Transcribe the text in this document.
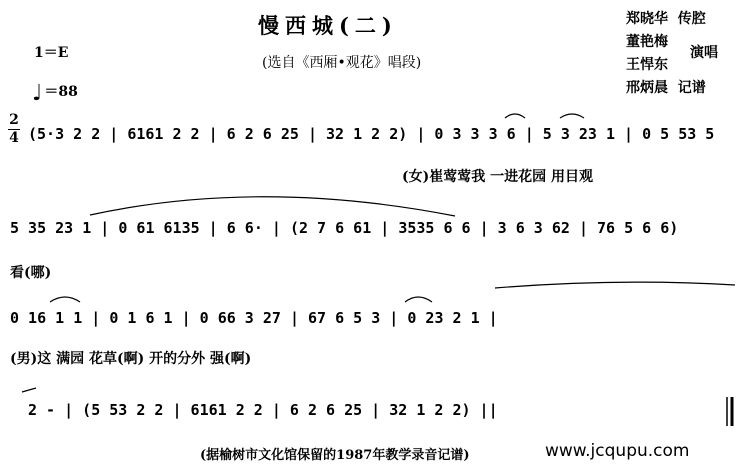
慢西城(二)
(选自《西厢•观花》唱段)
郑晓华 传腔
董艳梅
王悍东
邢炳晨 记谱
演唱
1＝E
♩ ＝88
2
4 (5·3 2 2 | 6161 2 2 | 6 2 6 25 | 32 1 2 2) | 0 3 3 3 6 | 5 3 23 1 | 0 5 53 5
(女)崔莺莺我 一进花园 用目观
5 35 23 1 | 0 61 6135 | 6 6· | (2 7 6 61 | 3535 6 6 | 3 6 3 62 | 76 5 6 6)
看(哪)
0 16 1 1 | 0 1 6 1 | 0 66 3 27 | 67 6 5 3 | 0 23 2 1 |
(男)这 满园 花草(啊) 开的分外 强(啊)
2 - | (5 53 2 2 | 6161 2 2 | 6 2 6 25 | 32 1 2 2) ||
(据榆树市文化馆保留的1987年教学录音记谱)	www.jcqupu.com
